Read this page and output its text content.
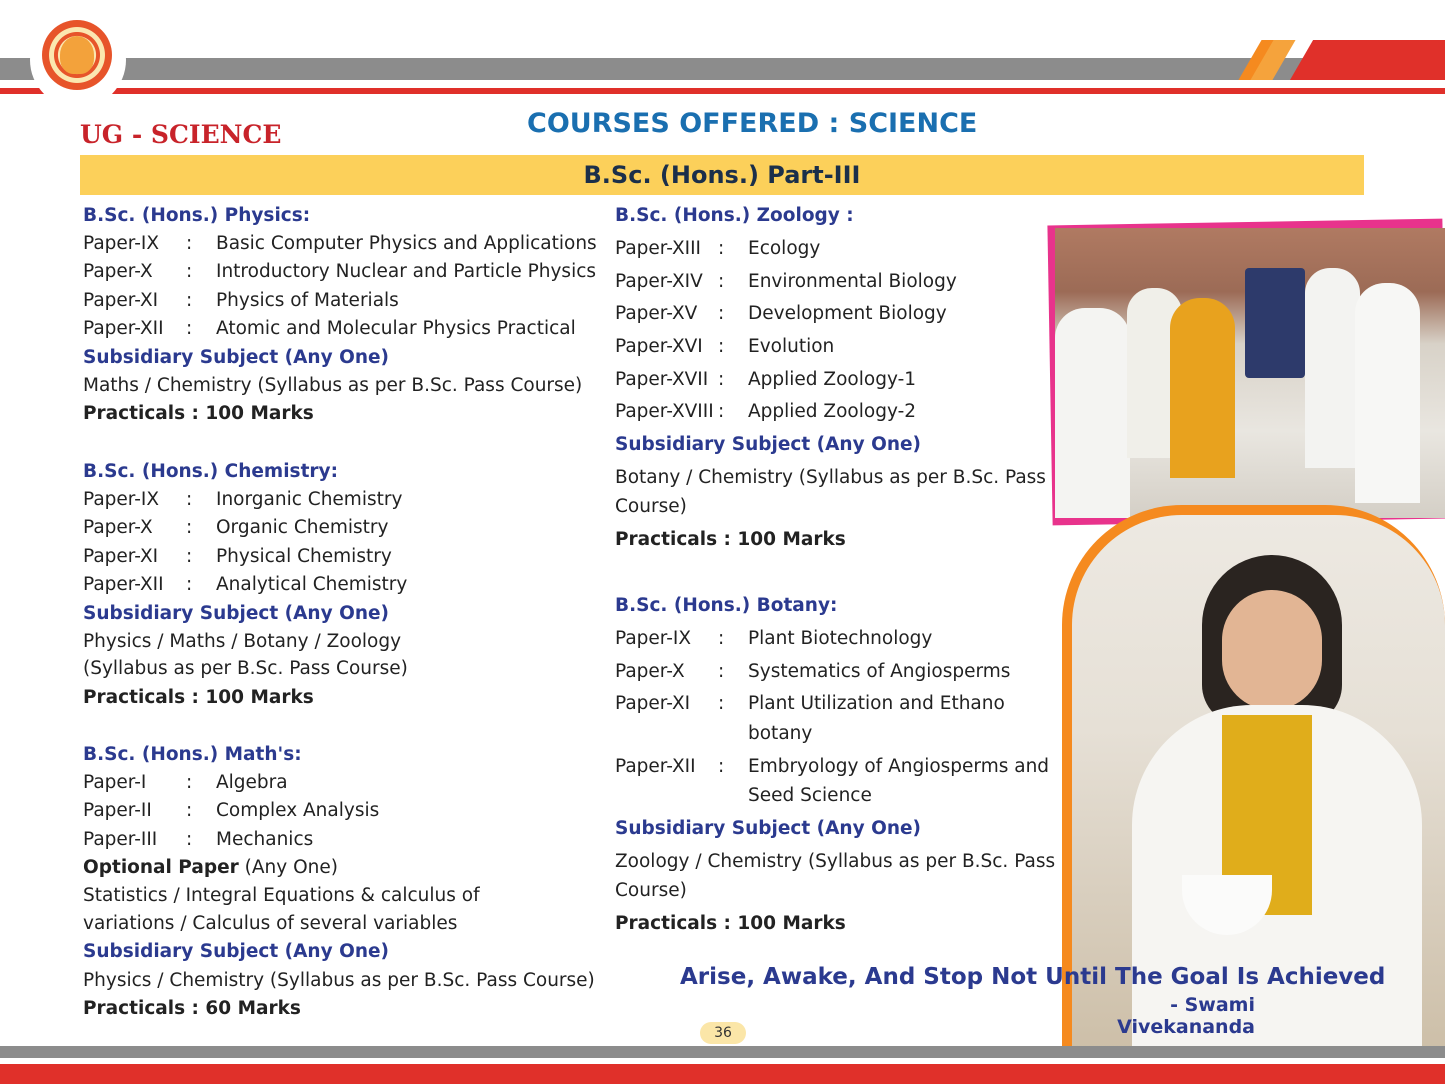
UG - SCIENCE	COURSES OFFERED : SCIENCE
B.Sc. (Hons.) Part-III
B.Sc. (Hons.) Physics:
Paper-IX : Basic Computer Physics and Applications
Paper-X : Introductory Nuclear and Particle Physics
Paper-XI : Physics of Materials
Paper-XII : Atomic and Molecular Physics Practical
Subsidiary Subject (Any One)
Maths / Chemistry (Syllabus as per B.Sc. Pass Course)
Practicals : 100 Marks
B.Sc. (Hons.) Chemistry:
Paper-IX : Inorganic Chemistry
Paper-X : Organic Chemistry
Paper-XI : Physical Chemistry
Paper-XII : Analytical Chemistry
Subsidiary Subject (Any One)
Physics / Maths / Botany / Zoology
(Syllabus as per B.Sc. Pass Course)
Practicals : 100 Marks
B.Sc. (Hons.) Math's:
Paper-I : Algebra
Paper-II : Complex Analysis
Paper-III : Mechanics
Optional Paper (Any One)
Statistics / Integral Equations & calculus of
variations / Calculus of several variables
Subsidiary Subject (Any One)
Physics / Chemistry (Syllabus as per B.Sc. Pass Course)
Practicals : 60 Marks
B.Sc. (Hons.) Zoology :
Paper-XIII : Ecology
Paper-XIV : Environmental Biology
Paper-XV : Development Biology
Paper-XVI : Evolution
Paper-XVII : Applied Zoology-1
Paper-XVIII : Applied Zoology-2
Subsidiary Subject (Any One)
Botany / Chemistry (Syllabus as per B.Sc. Pass
Course)
Practicals : 100 Marks
B.Sc. (Hons.) Botany:
Paper-IX : Plant Biotechnology
Paper-X : Systematics of Angiosperms
Paper-XI : Plant Utilization and Ethano
botany
Paper-XII : Embryology of Angiosperms and
Seed Science
Subsidiary Subject (Any One)
Zoology / Chemistry (Syllabus as per B.Sc. Pass
Course)
Practicals : 100 Marks
Arise, Awake, And Stop Not Until The Goal Is Achieved
- Swami Vivekananda
36
